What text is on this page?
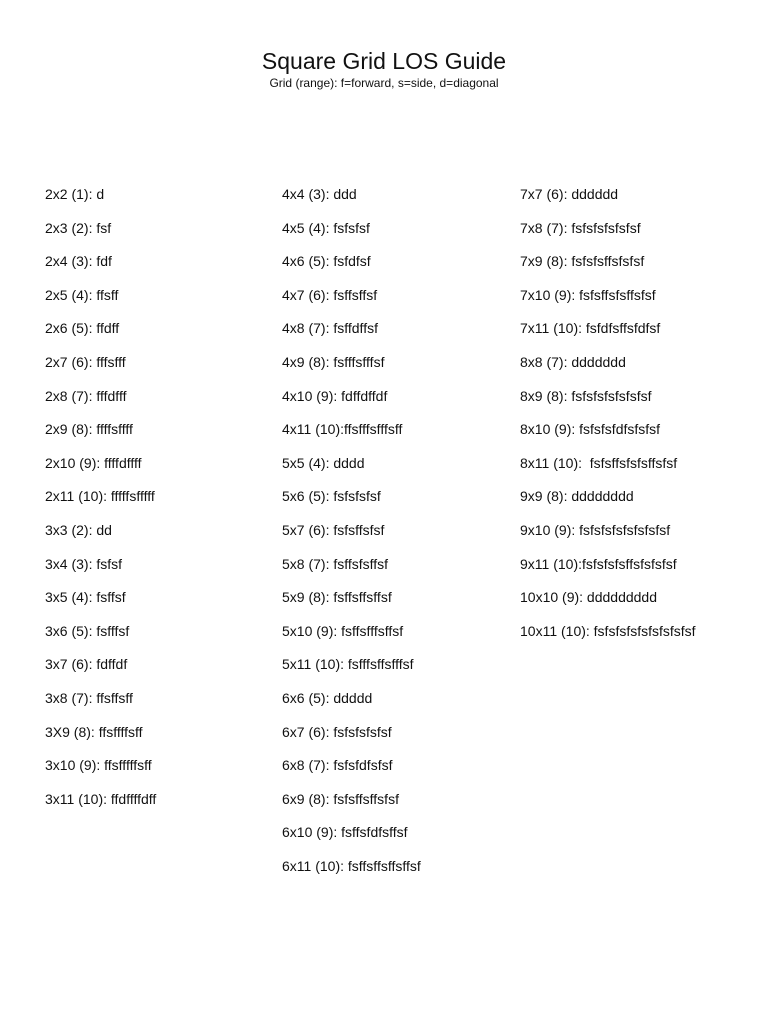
Square Grid LOS Guide

Grid (range): f=forward, s=side, d=diagonal

2x2 (1): d
2x3 (2): fsf
2x4 (3): fdf
2x5 (4): ffsff
2x6 (5): ffdff
2x7 (6): fffsfff
2x8 (7): fffdfff
2x9 (8): ffffsffff
2x10 (9): ffffdffff
2x11 (10): fffffsfffff
3x3 (2): dd
3x4 (3): fsfsf
3x5 (4): fsffsf
3x6 (5): fsfffsf
3x7 (6): fdffdf
3x8 (7): ffsffsff
3X9 (8): ffsffffsff
3x10 (9): ffsfffffsff
3x11 (10): ffdffffdff
4x4 (3): ddd
4x5 (4): fsfsfsf
4x6 (5): fsfdfsf
4x7 (6): fsffsffsf
4x8 (7): fsffdffsf
4x9 (8): fsfffsfffsf
4x10 (9): fdffdffdf
4x11 (10):ffsfffsfffsff
5x5 (4): dddd
5x6 (5): fsfsfsfsf
5x7 (6): fsfsffsfsf
5x8 (7): fsffsfsffsf
5x9 (8): fsffsffsffsf
5x10 (9): fsffsfffsffsf
5x11 (10): fsfffsffsfffsf
6x6 (5): ddddd
6x7 (6): fsfsfsfsfsf
6x8 (7): fsfsfdfsfsf
6x9 (8): fsfsffsffsfsf
6x10 (9): fsffsfdfsffsf
6x11 (10): fsffsffsffsffsf
7x7 (6): dddddd
7x8 (7): fsfsfsfsfsfsf
7x9 (8): fsfsfsffsfsfsf
7x10 (9): fsfsffsfsffsfsf
7x11 (10): fsfdfsffsfdfsf
8x8 (7): ddddddd
8x9 (8): fsfsfsfsfsfsfsf
8x10 (9): fsfsfsfdfsfsfsf
8x11 (10):  fsfsffsfsfsffsfsf
9x9 (8): dddddddd
9x10 (9): fsfsfsfsfsfsfsfsf
9x11 (10):fsfsfsfsffsfsfsfsf
10x10 (9): ddddddddd
10x11 (10): fsfsfsfsfsfsfsfsfsf
